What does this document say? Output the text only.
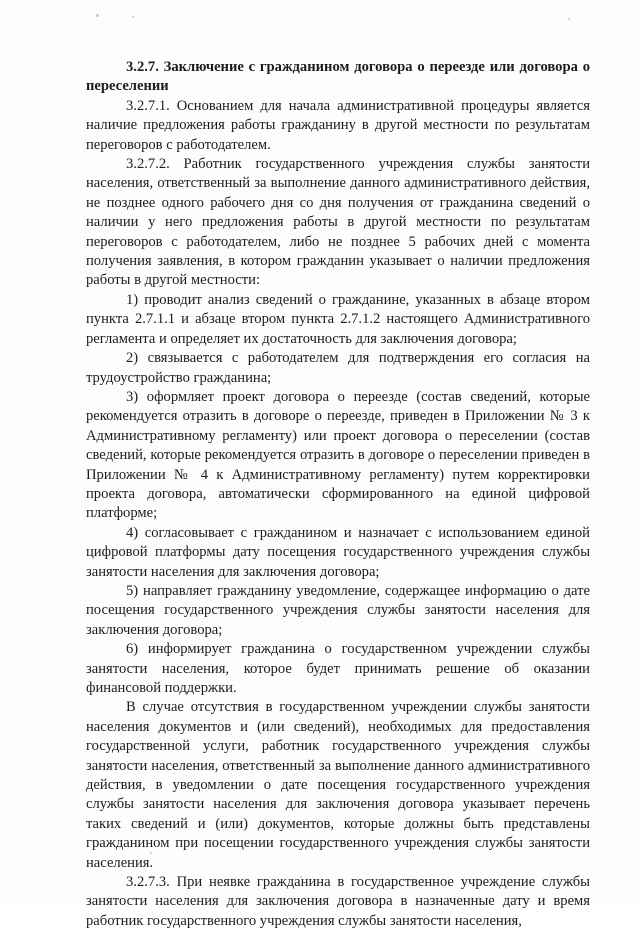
3.2.7. Заключение с гражданином договора о переезде или договора о переселении

3.2.7.1. Основанием для начала административной процедуры является наличие предложения работы гражданину в другой местности по результатам переговоров с работодателем.

3.2.7.2. Работник государственного учреждения службы занятости населения, ответственный за выполнение данного административного действия, не позднее одного рабочего дня со дня получения от гражданина сведений о наличии у него предложения работы в другой местности по результатам переговоров с работодателем, либо не позднее 5 рабочих дней с момента получения заявления, в котором гражданин указывает о наличии предложения работы в другой местности:

1) проводит анализ сведений о гражданине, указанных в абзаце втором пункта 2.7.1.1 и абзаце втором пункта 2.7.1.2 настоящего Административного регламента и определяет их достаточность для заключения договора;

2) связывается с работодателем для подтверждения его согласия на трудоустройство гражданина;

3) оформляет проект договора о переезде (состав сведений, которые рекомендуется отразить в договоре о переезде, приведен в Приложении № 3 к Административному регламенту) или проект договора о переселении (состав сведений, которые рекомендуется отразить в договоре о переселении приведен в Приложении № 4 к Административному регламенту) путем корректировки проекта договора, автоматически сформированного на единой цифровой платформе;

4) согласовывает с гражданином и назначает с использованием единой цифровой платформы дату посещения государственного учреждения службы занятости населения для заключения договора;

5) направляет гражданину уведомление, содержащее информацию о дате посещения государственного учреждения службы занятости населения для заключения договора;

6) информирует гражданина о государственном учреждении службы занятости населения, которое будет принимать решение об оказании финансовой поддержки.

В случае отсутствия в государственном учреждении службы занятости населения документов и (или сведений), необходимых для предоставления государственной услуги, работник государственного учреждения службы занятости населения, ответственный за выполнение данного административного действия, в уведомлении о дате посещения государственного учреждения службы занятости населения для заключения договора указывает перечень таких сведений и (или) документов, которые должны быть представлены гражданином при посещении государственного учреждения службы занятости населения.

3.2.7.3. При неявке гражданина в государственное учреждение службы занятости населения для заключения договора в назначенные дату и время работник государственного учреждения службы занятости населения,
